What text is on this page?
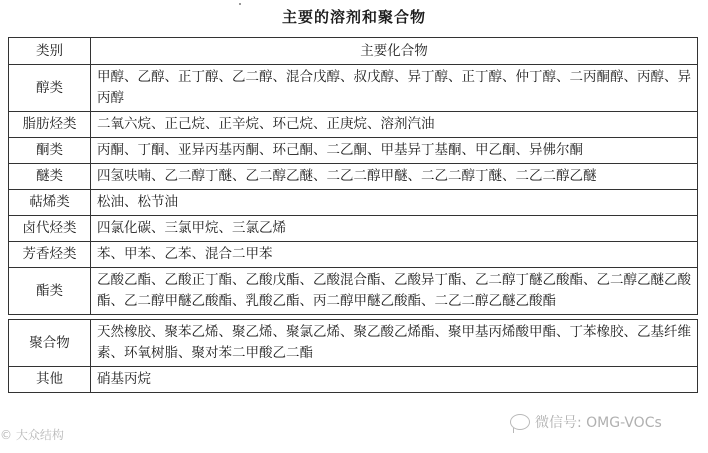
主要的溶剂和聚合物
类别	主要化合物
醇类	甲醇、乙醇、正丁醇、乙二醇、混合戊醇、叔戊醇、异丁醇、正丁醇、仲丁醇、二丙酮醇、丙醇、异丙醇
脂肪烃类	二氧六烷、正己烷、正辛烷、环己烷、正庚烷、溶剂汽油
酮类	丙酮、丁酮、亚异丙基丙酮、环己酮、二乙酮、甲基异丁基酮、甲乙酮、异佛尔酮
醚类	四氢呋喃、乙二醇丁醚、乙二醇乙醚、二乙二醇甲醚、二乙二醇丁醚、二乙二醇乙醚
萜烯类	松油、松节油
卤代烃类	四氯化碳、三氯甲烷、三氯乙烯
芳香烃类	苯、甲苯、乙苯、混合二甲苯
酯类	乙酸乙酯、乙酸正丁酯、乙酸戊酯、乙酸混合酯、乙酸异丁酯、乙二醇丁醚乙酸酯、乙二醇乙醚乙酸酯、乙二醇甲醚乙酸酯、乳酸乙酯、丙二醇甲醚乙酸酯、二乙二醇乙醚乙酸酯

聚合物	天然橡胶、聚苯乙烯、聚乙烯、聚氯乙烯、聚乙酸乙烯酯、聚甲基丙烯酸甲酯、丁苯橡胶、乙基纤维素、环氧树脂、聚对苯二甲酸乙二酯
其他	硝基丙烷
© 大众结构
微信号: OMG-VOCs
